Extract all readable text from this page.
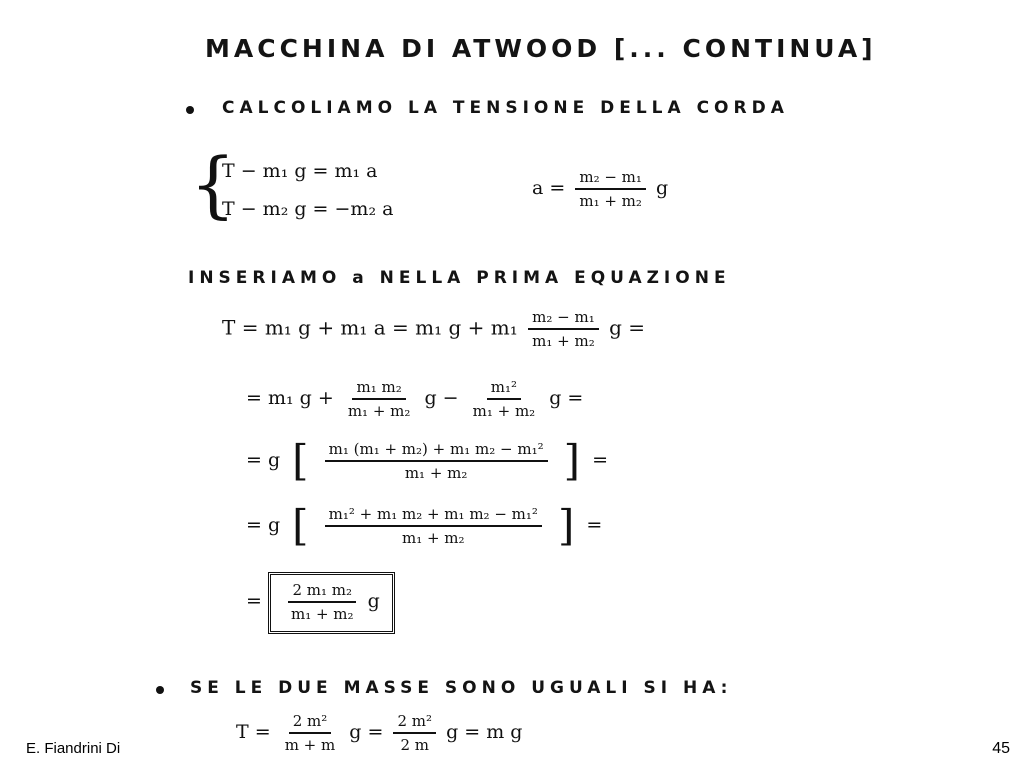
MACCHINA DI ATWOOD [... CONTINUA]
CALCOLIAMO LA TENSIONE DELLA CORDA
{
T − m₁ g = m₁ a
T − m₂ g = −m₂ a
$a = \frac{\text{m₂ − m₁}}{\text{m₁ + m₂}}$ g
INSERIAMO a NELLA PRIMA EQUAZIONE
T = m₁ g + m₁ a = m₁ $g + m_1 \frac{\text{m₂ − m₁}}{\text{m₁ + m₂}}$ g =
= m₁ $g + \frac{\text{m₁ m₂}}{\text{m₁ + m₂}}$ $g - \frac{\text{m₁²}}{\text{m₁ + m₂}}$ g =
= g [ $\frac{\text{m₁ (m₁ + m₂) + m₁ m₂ − m₁²}}{\text{m₁ + m₂}}$ ] =
= g [ $\frac{\text{m₁² + m₁ m₂ + m₁ m₂ − m₁²}}{\text{m₁ + m₂}}$ ] =
= $\frac{\text{2 m₁ m₂}}{\text{m₁ + m₂}}$ g
SE LE DUE MASSE SONO UGUALI SI HA:
$T = \frac{\text{2 m²}}{m + m}$ $g = \frac{\text{2 m²}}{2 m}$ g = m g
E. Fiandrini Di	45
